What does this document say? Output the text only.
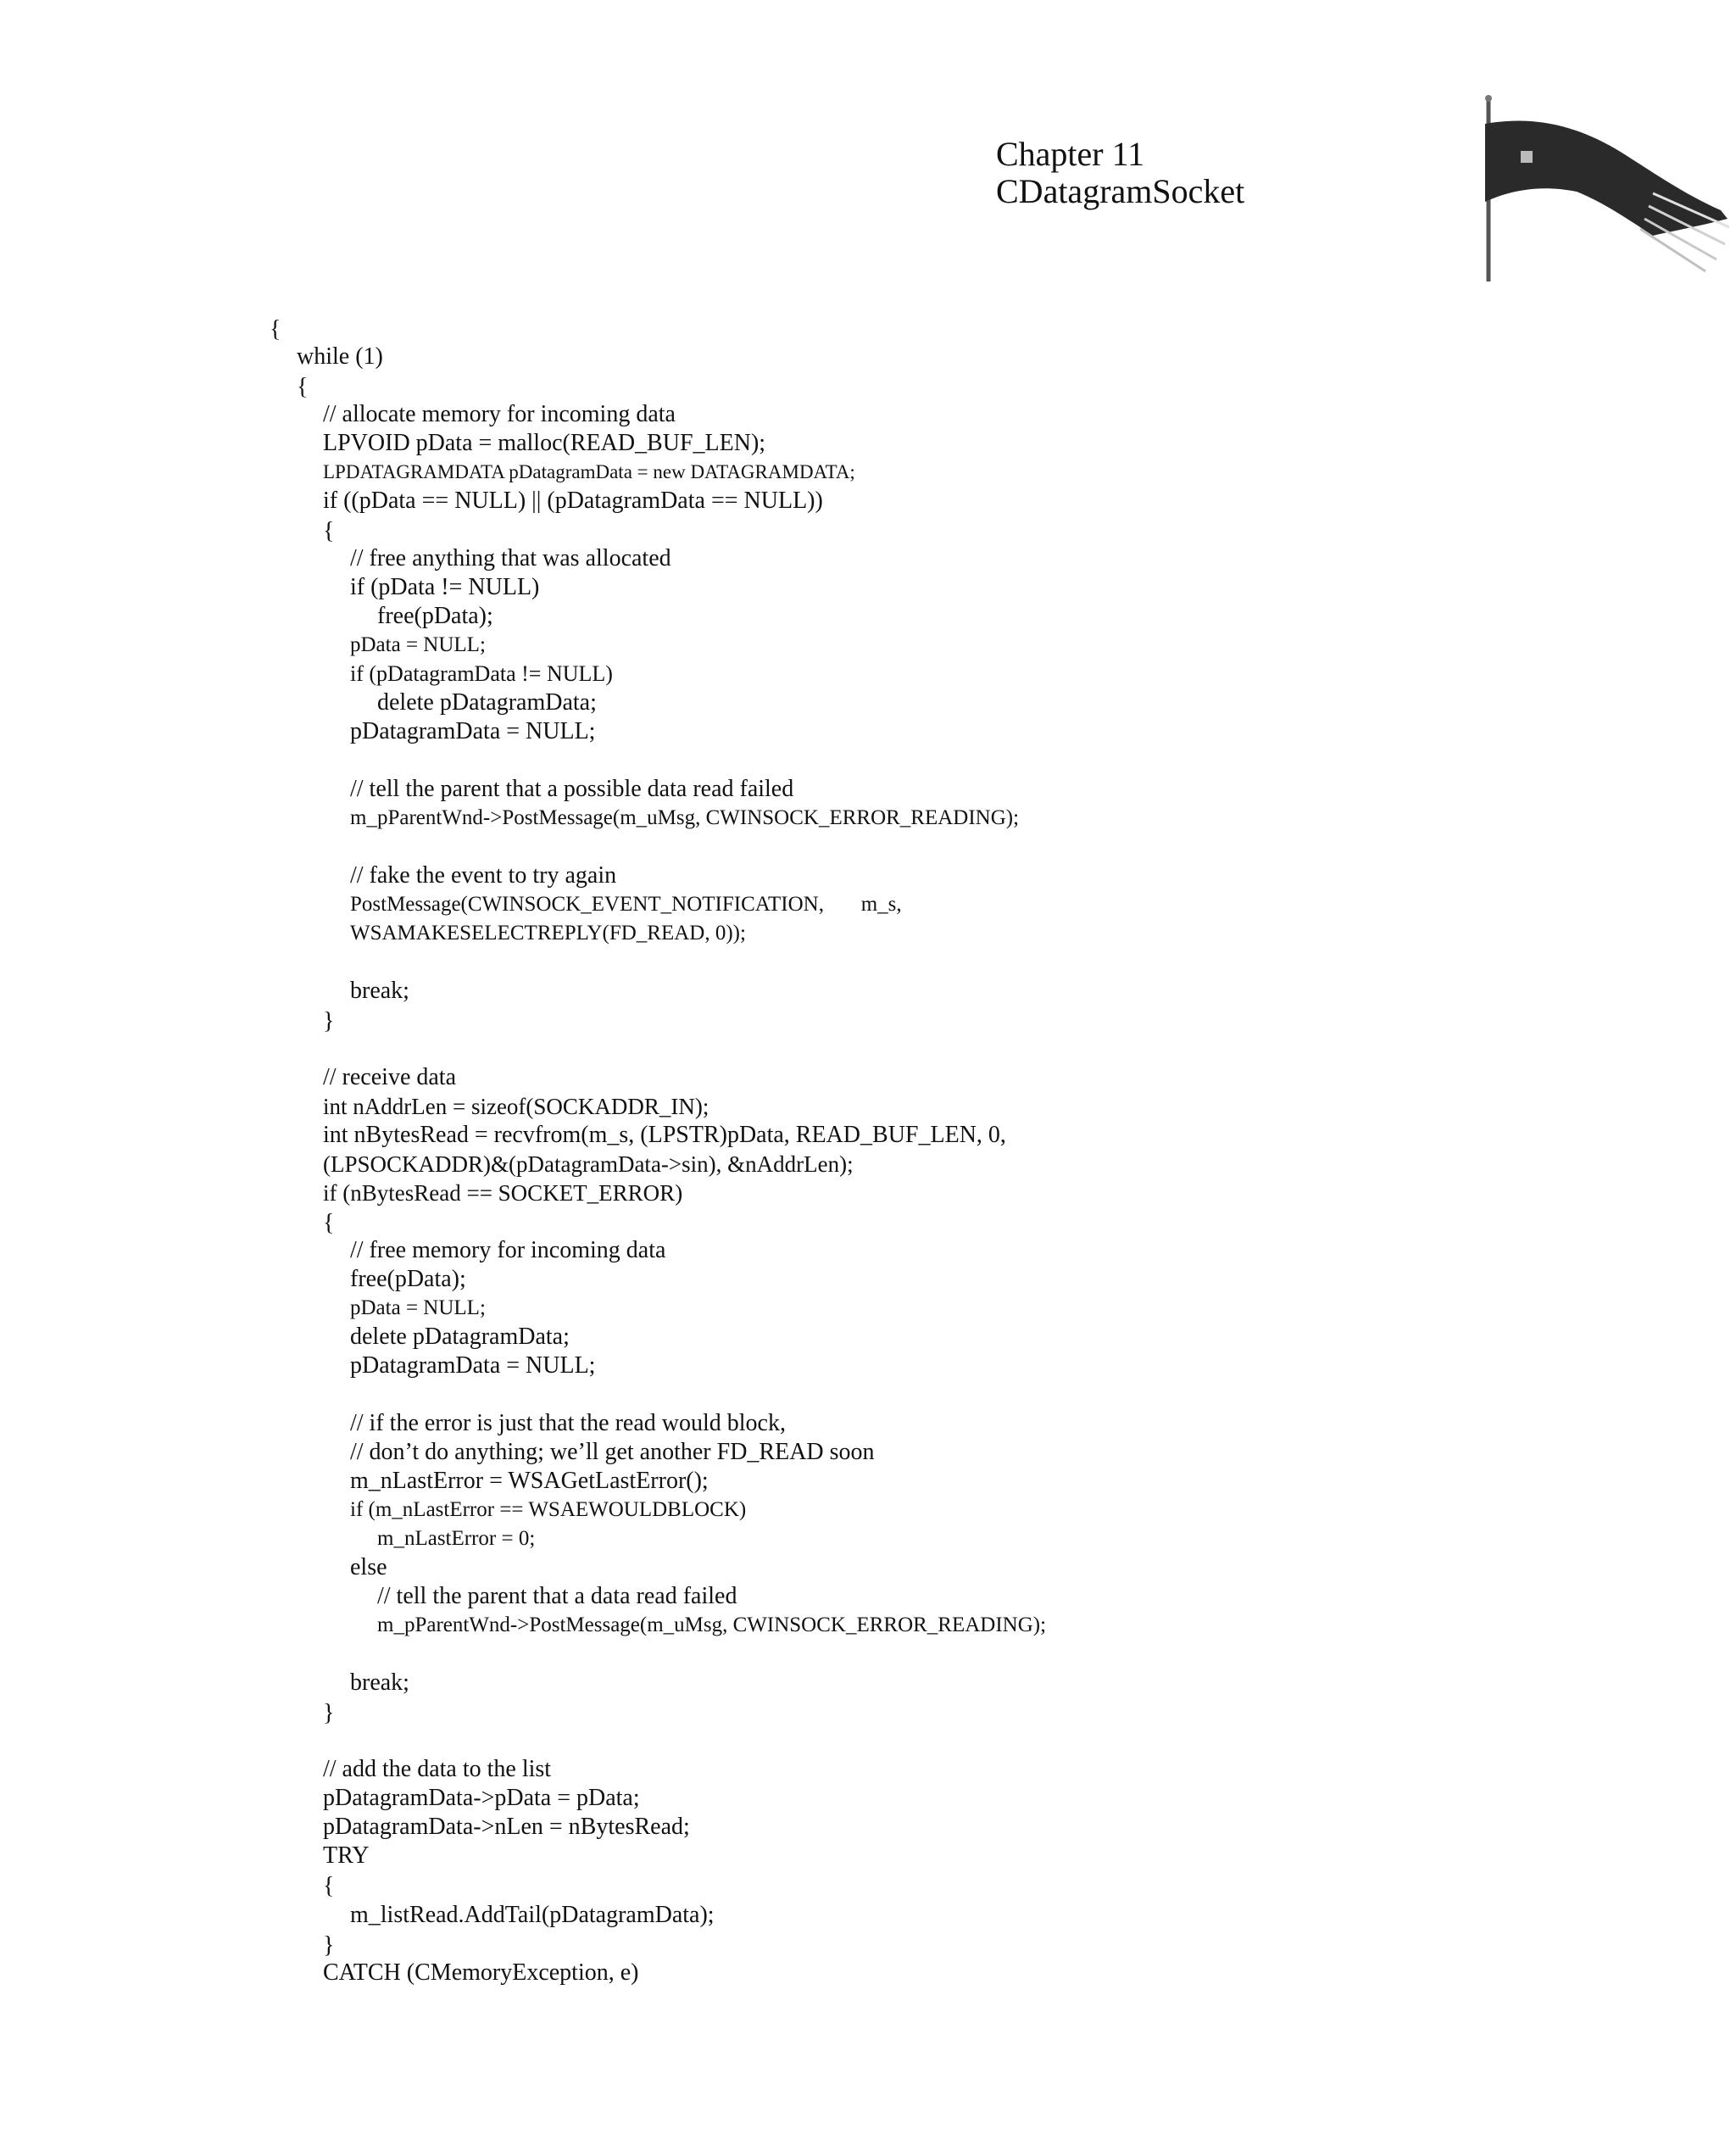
Chapter 11
CDatagramSocket
{
while (1)
{
// allocate memory for incoming data
LPVOID pData = malloc(READ_BUF_LEN);
LPDATAGRAMDATA pDatagramData = new DATAGRAMDATA;
if ((pData == NULL) || (pDatagramData == NULL))
{
// free anything that was allocated
if (pData != NULL)
free(pData);
pData = NULL;
if (pDatagramData != NULL)
delete pDatagramData;
pDatagramData = NULL;
// tell the parent that a possible data read failed
m_pParentWnd->PostMessage(m_uMsg, CWINSOCK_ERROR_READING);
// fake the event to try again
PostMessage(CWINSOCK_EVENT_NOTIFICATION,       m_s,
WSAMAKESELECTREPLY(FD_READ, 0));
break;
}
// receive data
int nAddrLen = sizeof(SOCKADDR_IN);
int nBytesRead = recvfrom(m_s, (LPSTR)pData, READ_BUF_LEN, 0,
(LPSOCKADDR)&(pDatagramData->sin), &nAddrLen);
if (nBytesRead == SOCKET_ERROR)
{
// free memory for incoming data
free(pData);
pData = NULL;
delete pDatagramData;
pDatagramData = NULL;
// if the error is just that the read would block,
// don’t do anything; we’ll get another FD_READ soon
m_nLastError = WSAGetLastError();
if (m_nLastError == WSAEWOULDBLOCK)
m_nLastError = 0;
else
// tell the parent that a data read failed
m_pParentWnd->PostMessage(m_uMsg, CWINSOCK_ERROR_READING);
break;
}
// add the data to the list
pDatagramData->pData = pData;
pDatagramData->nLen = nBytesRead;
TRY
{
m_listRead.AddTail(pDatagramData);
}
CATCH (CMemoryException, e)
